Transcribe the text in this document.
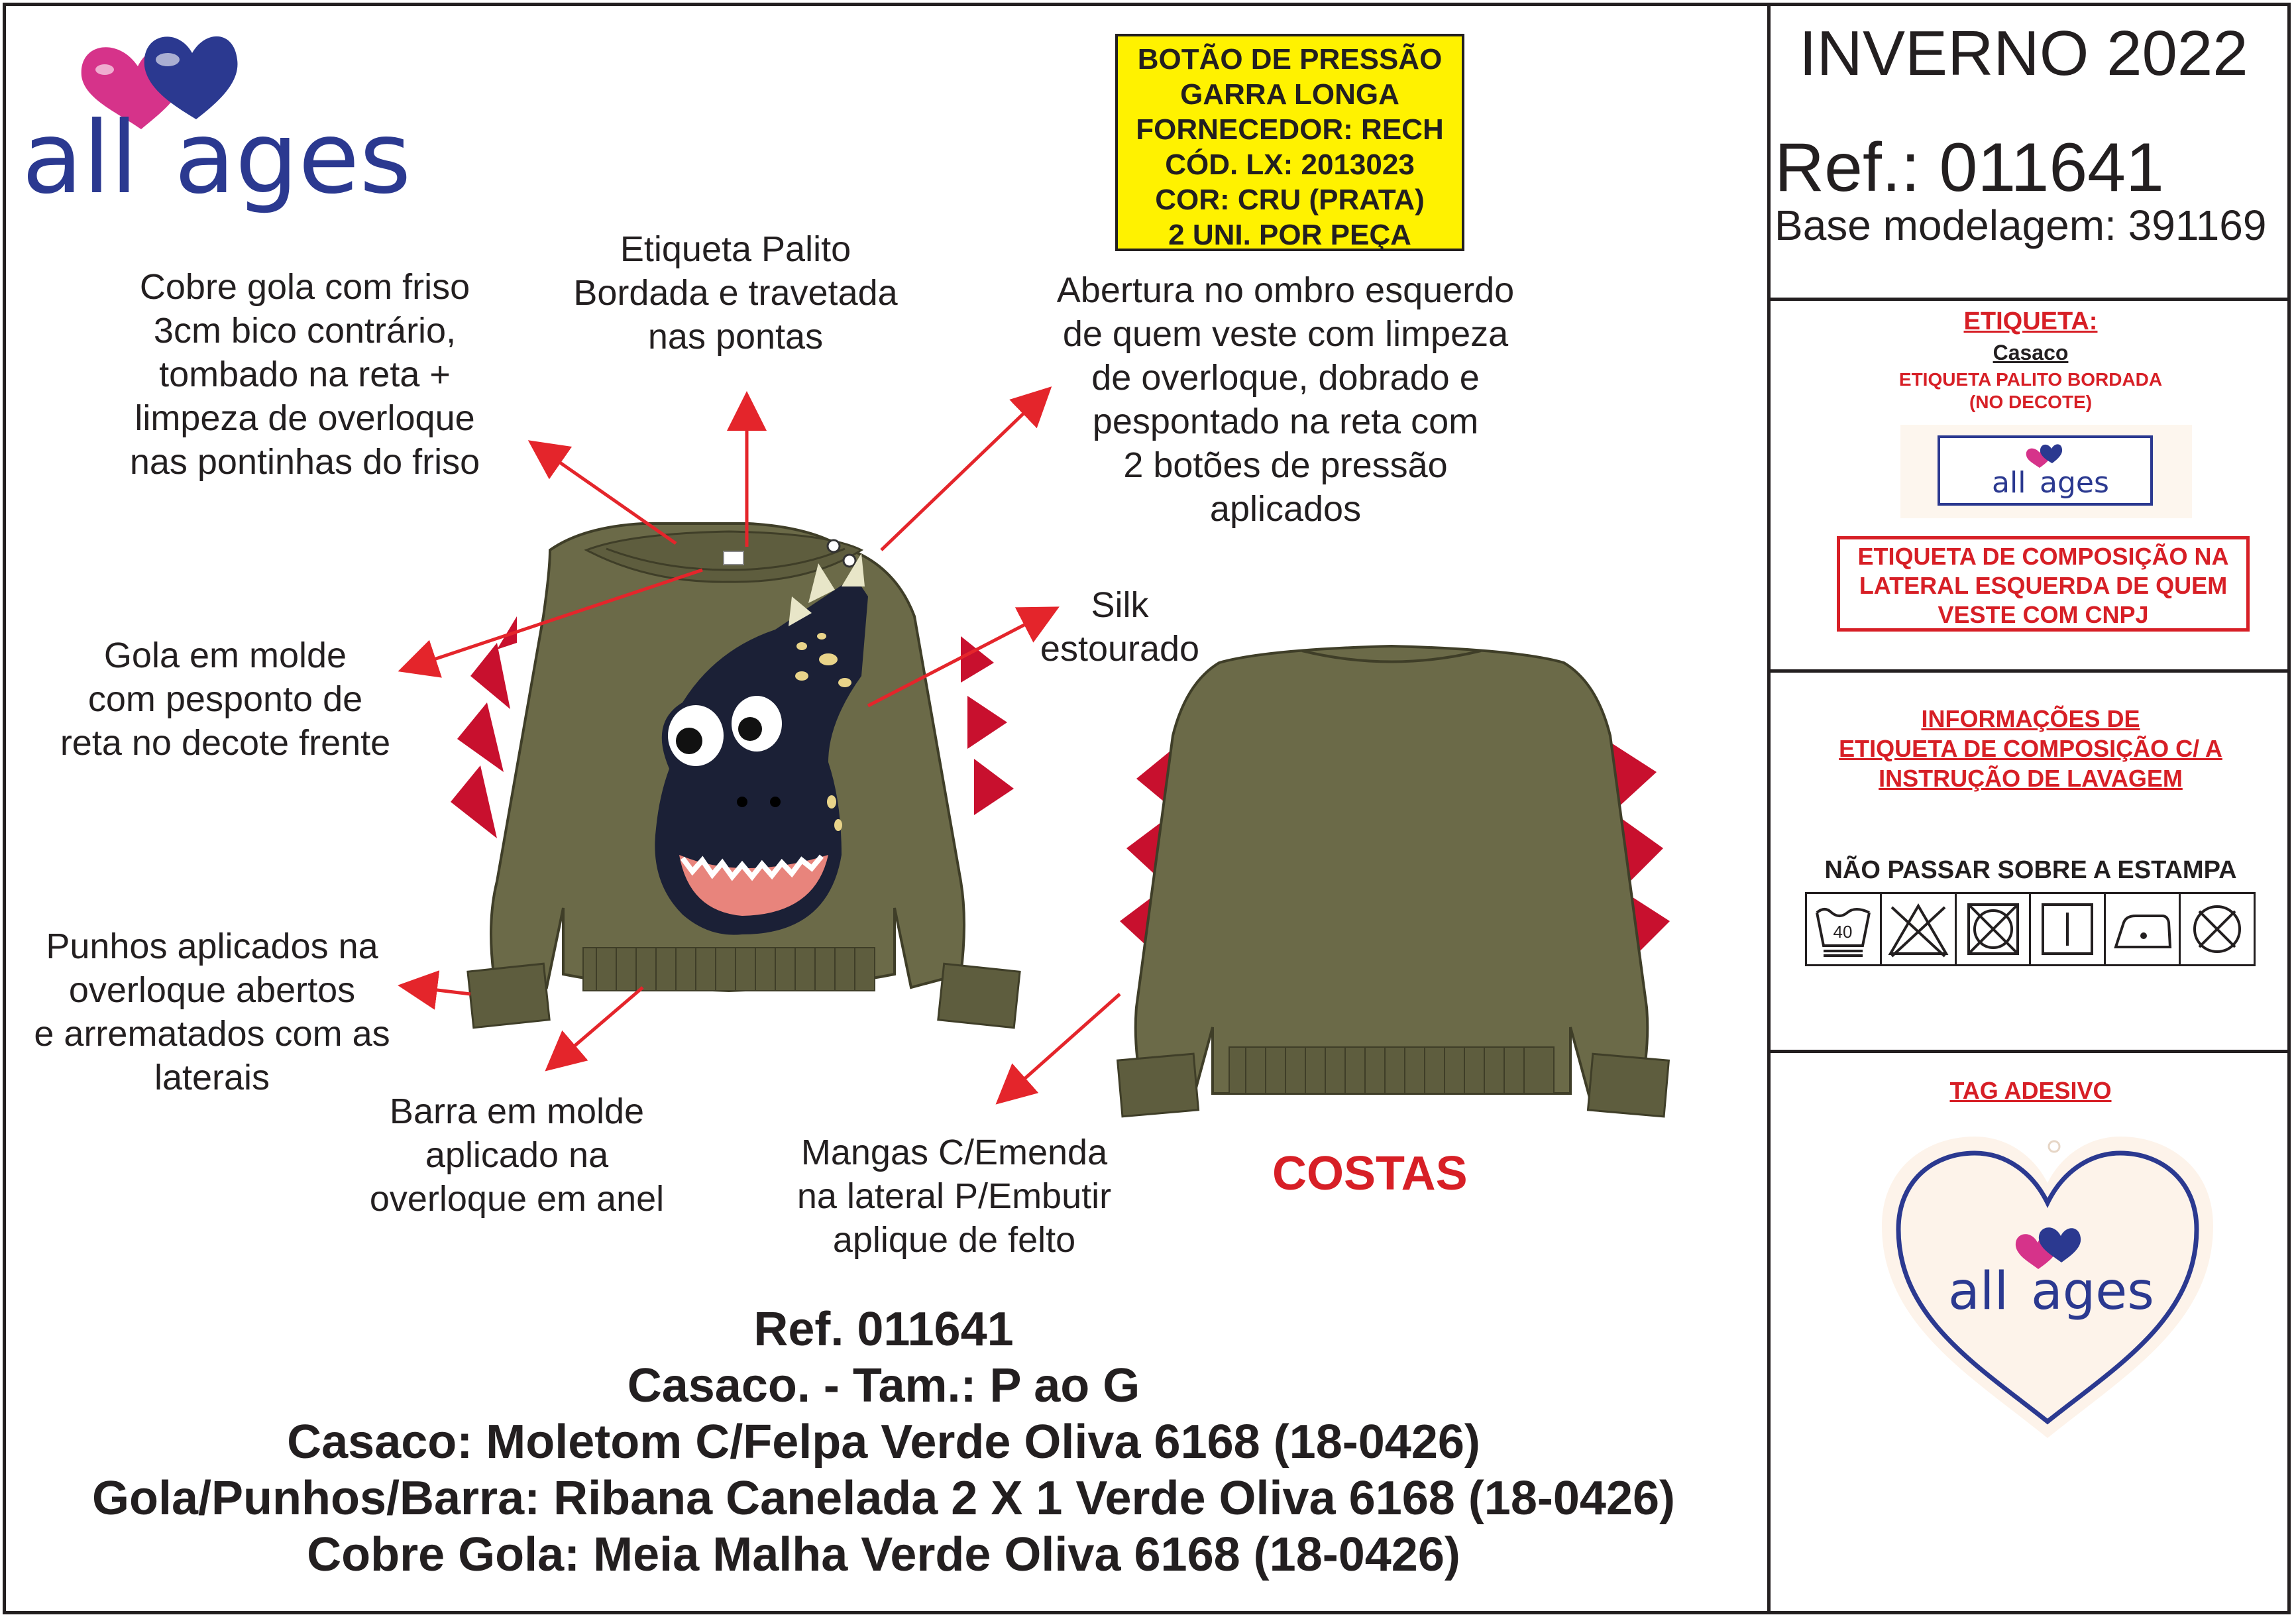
all ages
BOTÃO DE PRESSÃO
GARRA LONGA
FORNECEDOR: RECH
CÓD. LX: 2013023
COR: CRU (PRATA)
2 UNI. POR PEÇA
Cobre gola com friso
3cm bico contrário,
tombado na reta +
limpeza de overloque
nas pontinhas do friso
Etiqueta Palito
Bordada e travetada
nas pontas
Abertura no ombro esquerdo
de quem veste com limpeza
de overloque, dobrado e
pespontado na reta com
2 botões de pressão
aplicados
Silk
estourado
Gola em molde
com pesponto de
reta no decote frente
Punhos aplicados na
overloque abertos
e arrematados com as
laterais
Barra em molde
aplicado na
overloque em anel
Mangas C/Emenda
na lateral P/Embutir
aplique de felto
COSTAS
Ref. 011641
Casaco. - Tam.: P ao G
Casaco: Moletom C/Felpa Verde Oliva 6168 (18-0426)
Gola/Punhos/Barra: Ribana Canelada 2 X 1 Verde Oliva 6168 (18-0426)
Cobre Gola: Meia Malha Verde Oliva 6168 (18-0426)
INVERNO 2022
Ref.: 011641
Base modelagem: 391169
ETIQUETA:
Casaco
ETIQUETA PALITO BORDADA
(NO DECOTE)
all ages
ETIQUETA DE COMPOSIÇÃO NA
LATERAL ESQUERDA DE QUEM
VESTE COM CNPJ
INFORMAÇÕES DE
ETIQUETA DE COMPOSIÇÃO C/ A
INSTRUÇÃO DE LAVAGEM
NÃO PASSAR SOBRE A ESTAMPA
40
TAG ADESIVO
all ages
